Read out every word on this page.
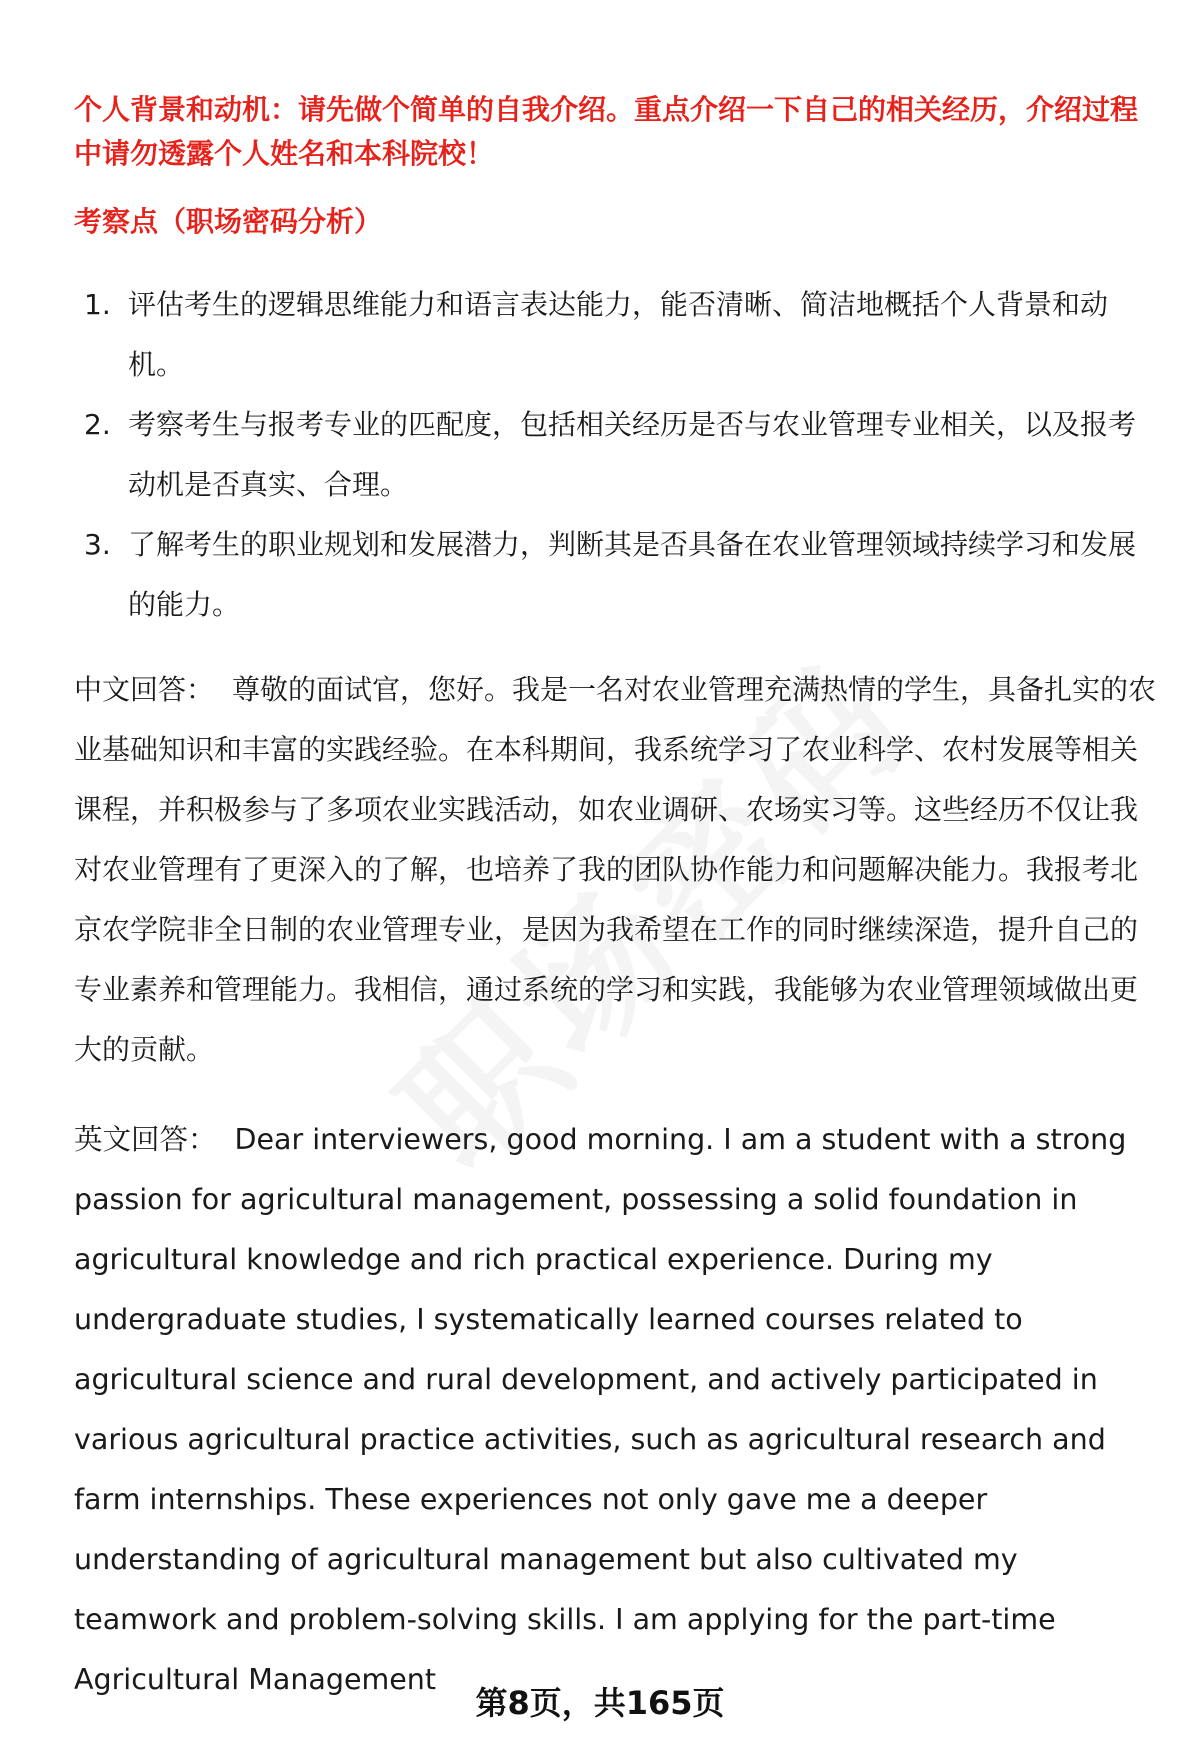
个人背景和动机：请先做个简单的自我介绍。重点介绍一下自己的相关经历，介绍过程中请勿透露个人姓名和本科院校！

考察点（职场密码分析）

1. 评估考生的逻辑思维能力和语言表达能力，能否清晰、简洁地概括个人背景和动机。
2. 考察考生与报考专业的匹配度，包括相关经历是否与农业管理专业相关，以及报考动机是否真实、合理。
3. 了解考生的职业规划和发展潜力，判断其是否具备在农业管理领域持续学习和发展的能力。

中文回答： 尊敬的面试官，您好。我是一名对农业管理充满热情的学生，具备扎实的农业基础知识和丰富的实践经验。在本科期间，我系统学习了农业科学、农村发展等相关课程，并积极参与了多项农业实践活动，如农业调研、农场实习等。这些经历不仅让我对农业管理有了更深入的了解，也培养了我的团队协作能力和问题解决能力。我报考北京农学院非全日制的农业管理专业，是因为我希望在工作的同时继续深造，提升自己的专业素养和管理能力。我相信，通过系统的学习和实践，我能够为农业管理领域做出更大的贡献。

英文回答： Dear interviewers, good morning. I am a student with a strong passion for agricultural management, possessing a solid foundation in agricultural knowledge and rich practical experience. During my undergraduate studies, I systematically learned courses related to agricultural science and rural development, and actively participated in various agricultural practice activities, such as agricultural research and farm internships. These experiences not only gave me a deeper understanding of agricultural management but also cultivated my teamwork and problem-solving skills. I am applying for the part-time Agricultural Management

第8页，共165页
